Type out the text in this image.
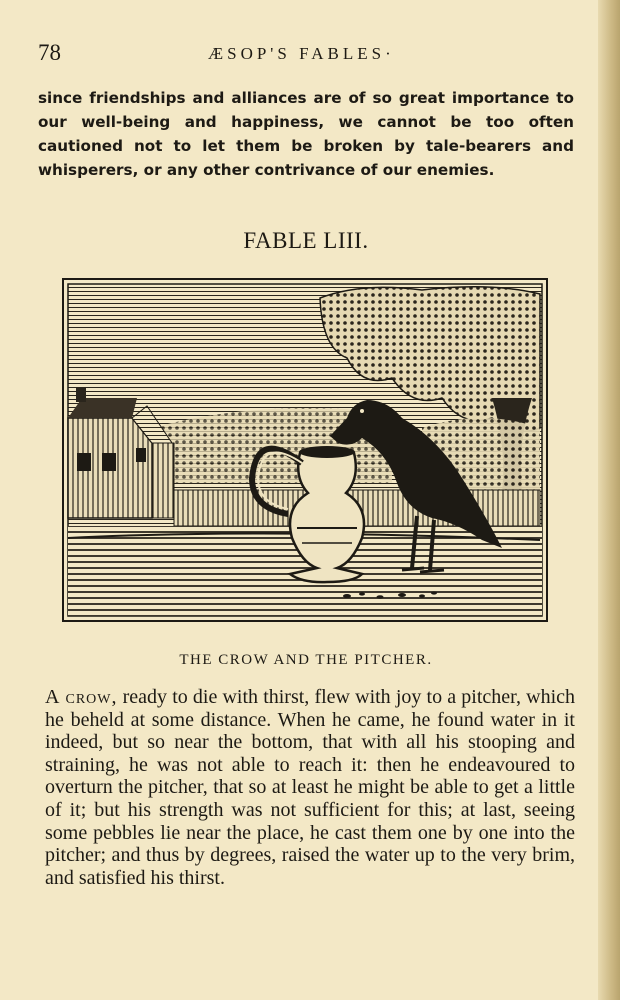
78	ÆSOP'S FABLES·

since friendships and alliances are of so great importance to our well-being and happiness, we cannot be too often cautioned not to let them be broken by tale-bearers and whisperers, or any other contrivance of our enemies.

FABLE LIII.
THE CROW AND THE PITCHER.

A crow, ready to die with thirst, flew with joy to a pitcher, which he beheld at some distance. When he came, he found water in it indeed, but so near the bottom, that with all his stooping and straining, he was not able to reach it: then he endeavoured to overturn the pitcher, that so at least he might be able to get a little of it; but his strength was not sufficient for this; at last, seeing some pebbles lie near the place, he cast them one by one into the pitcher; and thus by degrees, raised the water up to the very brim, and satisfied his thirst.
